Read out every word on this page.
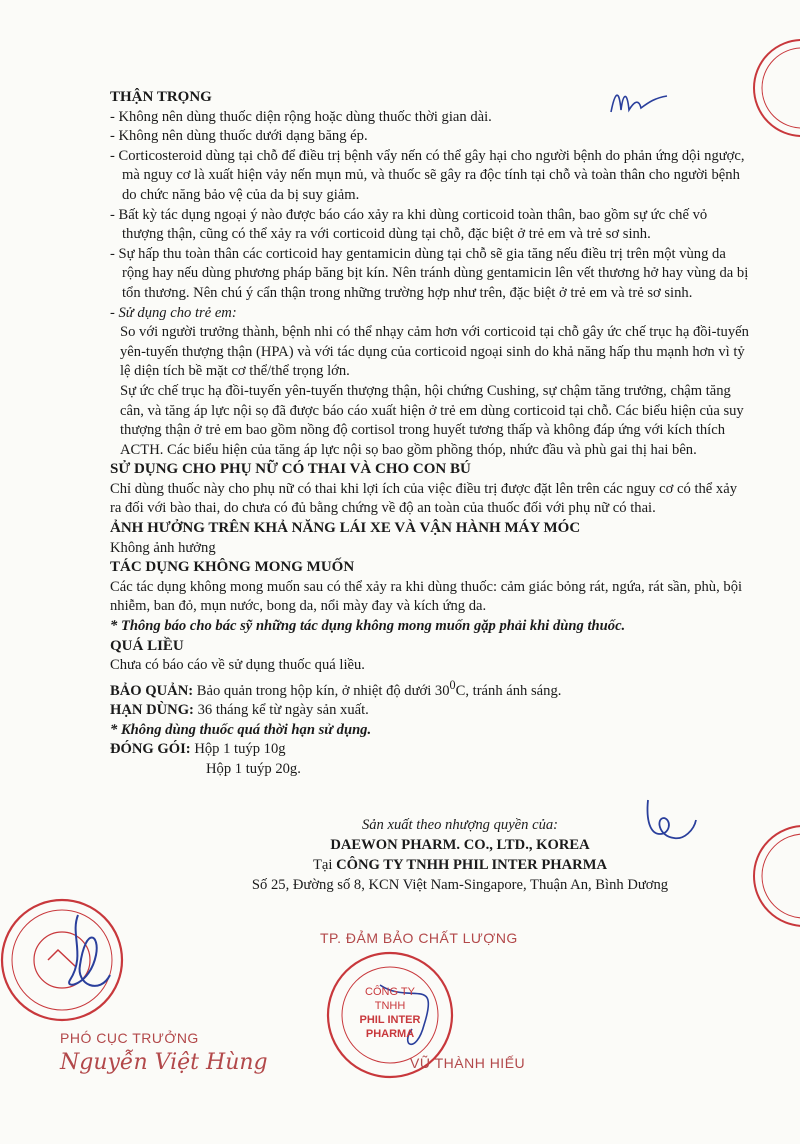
THẬN TRỌNG
- Không nên dùng thuốc diện rộng hoặc dùng thuốc thời gian dài.
- Không nên dùng thuốc dưới dạng băng ép.
- Corticosteroid dùng tại chỗ để điều trị bệnh vẩy nến có thể gây hại cho người bệnh do phản ứng dội ngược, mà nguy cơ là xuất hiện vảy nến mụn mủ, và thuốc sẽ gây ra độc tính tại chỗ và toàn thân cho người bệnh do chức năng bảo vệ của da bị suy giảm.
- Bất kỳ tác dụng ngoại ý nào được báo cáo xảy ra khi dùng corticoid toàn thân, bao gồm sự ức chế vỏ thượng thận, cũng có thể xảy ra với corticoid dùng tại chỗ, đặc biệt ở trẻ em và trẻ sơ sinh.
- Sự hấp thu toàn thân các corticoid hay gentamicin dùng tại chỗ sẽ gia tăng nếu điều trị trên một vùng da rộng hay nếu dùng phương pháp băng bịt kín. Nên tránh dùng gentamicin lên vết thương hở hay vùng da bị tổn thương. Nên chú ý cẩn thận trong những trường hợp như trên, đặc biệt ở trẻ em và trẻ sơ sinh.
- Sử dụng cho trẻ em:
So với người trưởng thành, bệnh nhi có thể nhạy cảm hơn với corticoid tại chỗ gây ức chế trục hạ đồi-tuyến yên-tuyến thượng thận (HPA) và với tác dụng của corticoid ngoại sinh do khả năng hấp thu mạnh hơn vì tỷ lệ diện tích bề mặt cơ thể/thể trọng lớn.
Sự ức chế trục hạ đồi-tuyến yên-tuyến thượng thận, hội chứng Cushing, sự chậm tăng trưởng, chậm tăng cân, và tăng áp lực nội sọ đã được báo cáo xuất hiện ở trẻ em dùng corticoid tại chỗ. Các biểu hiện của suy thượng thận ở trẻ em bao gồm nồng độ cortisol trong huyết tương thấp và không đáp ứng với kích thích ACTH. Các biểu hiện của tăng áp lực nội sọ bao gồm phồng thóp, nhức đầu và phù gai thị hai bên.
SỬ DỤNG CHO PHỤ NỮ CÓ THAI VÀ CHO CON BÚ
Chỉ dùng thuốc này cho phụ nữ có thai khi lợi ích của việc điều trị được đặt lên trên các nguy cơ có thể xảy ra đối với bào thai, do chưa có đủ bằng chứng về độ an toàn của thuốc đối với phụ nữ có thai.
ẢNH HƯỞNG TRÊN KHẢ NĂNG LÁI XE VÀ VẬN HÀNH MÁY MÓC
Không ảnh hưởng
TÁC DỤNG KHÔNG MONG MUỐN
Các tác dụng không mong muốn sau có thể xảy ra khi dùng thuốc: cảm giác bỏng rát, ngứa, rát sần, phù, bội nhiễm, ban đỏ, mụn nước, bong da, nổi mày đay và kích ứng da.
* Thông báo cho bác sỹ những tác dụng không mong muốn gặp phải khi dùng thuốc.
QUÁ LIỀU
Chưa có báo cáo về sử dụng thuốc quá liều.
BẢO QUẢN: Bảo quản trong hộp kín, ở nhiệt độ dưới $30^0C$, tránh ánh sáng.
HẠN DÙNG: 36 tháng kể từ ngày sản xuất.
* Không dùng thuốc quá thời hạn sử dụng.
ĐÓNG GÓI: Hộp 1 tuýp 10g
Hộp 1 tuýp 20g.
Sản xuất theo nhượng quyền của:
DAEWON PHARM. CO., LTD., KOREA
Tại CÔNG TY TNHH PHIL INTER PHARMA
Số 25, Đường số 8, KCN Việt Nam-Singapore, Thuận An, Bình Dương
PHÓ CỤC TRƯỞNG
Nguyễn Việt Hùng
TP. ĐẢM BẢO CHẤT LƯỢNG
CÔNG TY
TNHH
PHIL INTER
PHARMA
VŨ THÀNH HIẾU
